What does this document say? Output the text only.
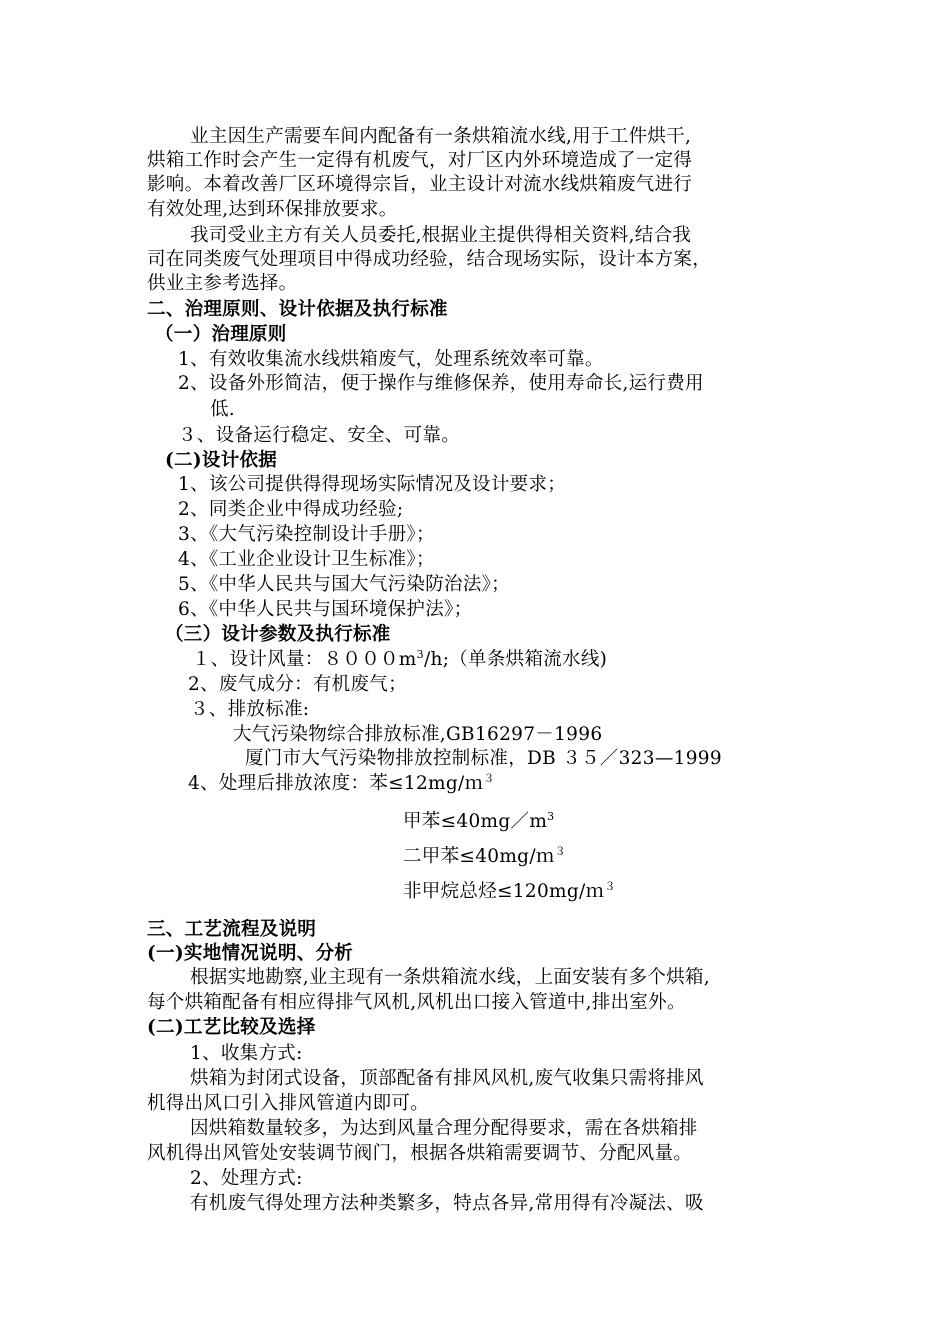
业主因生产需要车间内配备有一条烘箱流水线,用于工件烘干,
烘箱工作时会产生一定得有机废气，对厂区内外环境造成了一定得
影响。本着改善厂区环境得宗旨，业主设计对流水线烘箱废气进行
有效处理,达到环保排放要求。
我司受业主方有关人员委托,根据业主提供得相关资料,结合我
司在同类废气处理项目中得成功经验，结合现场实际，设计本方案，
供业主参考选择。
二、治理原则、设计依据及执行标准
（一）治理原则
1、有效收集流水线烘箱废气，处理系统效率可靠。
2、设备外形简洁，便于操作与维修保养，使用寿命长,运行费用
低.
３、设备运行稳定、安全、可靠。
(二)设计依据
1、该公司提供得得现场实际情况及设计要求；
2、同类企业中得成功经验;
3、《大气污染控制设计手册》；
4、《工业企业设计卫生标准》；
5、《中华人民共与国大气污染防治法》；
6、《中华人民共与国环境保护法》；
（三）设计参数及执行标准
１、设计风量：$8000m^3/h$;（单条烘箱流水线)
2、废气成分：有机废气；
３、排放标准:
大气污染物综合排放标准,GB16297－1996
厦门市大气污染物排放控制标准，DB ３５／323—1999
4、处理后排放浓度：苯≤12mg/ｍ$^3$
甲苯$\le 40mg/m^3$
二甲苯≤40mg/ｍ$^3$
非甲烷总烃≤120mg/ｍ$^3$
三、工艺流程及说明
(一)实地情况说明、分析
根据实地勘察,业主现有一条烘箱流水线，上面安装有多个烘箱,
每个烘箱配备有相应得排气风机,风机出口接入管道中,排出室外。
(二)工艺比较及选择
1、收集方式:
烘箱为封闭式设备，顶部配备有排风风机,废气收集只需将排风
机得出风口引入排风管道内即可。
因烘箱数量较多，为达到风量合理分配得要求，需在各烘箱排
风机得出风管处安装调节阀门，根据各烘箱需要调节、分配风量。
2、处理方式:
有机废气得处理方法种类繁多，特点各异,常用得有冷凝法、吸
